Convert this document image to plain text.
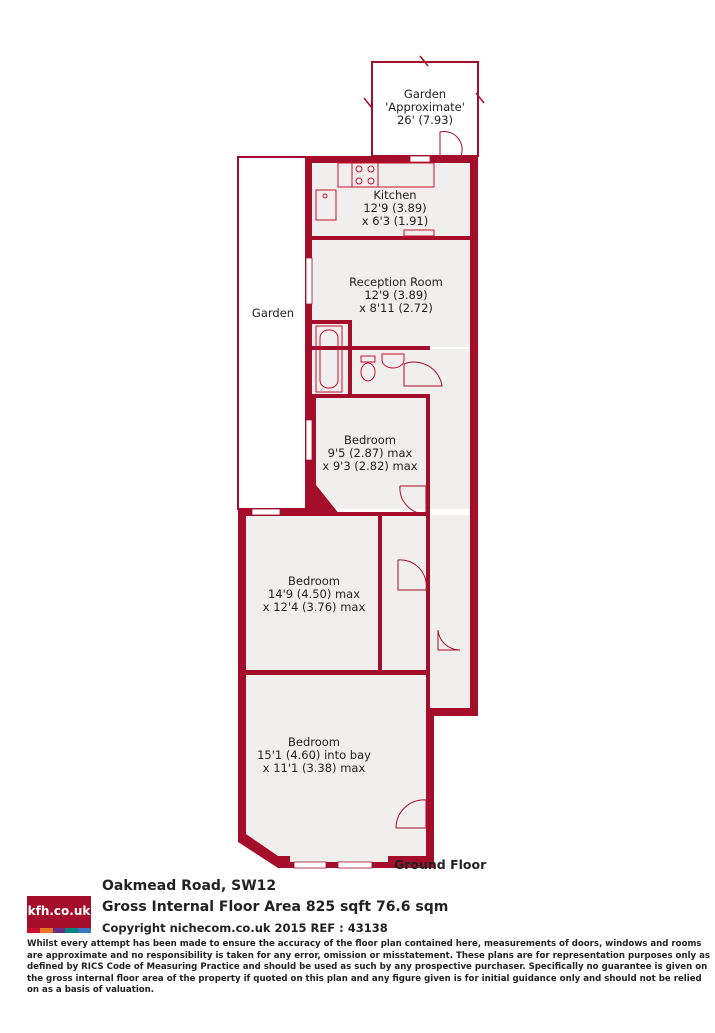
Garden
'Approximate'
26' (7.93)
Kitchen
12'9 (3.89)
x 6'3 (1.91)
Reception Room
12'9 (3.89)
x 8'11 (2.72)
Garden
Bedroom
9'5 (2.87) max
x 9'3 (2.82) max
Bedroom
14'9 (4.50) max
x 12'4 (3.76) max
Bedroom
15'1 (4.60) into bay
x 11'1 (3.38) max
Ground Floor
kfh.co.uk
Oakmead Road, SW12
Gross Internal Floor Area 825 sqft 76.6 sqm
Copyright nichecom.co.uk 2015 REF : 43138
Whilst every attempt has been made to ensure the accuracy of the floor plan contained here, measurements of doors, windows and rooms are approximate and no responsibility is taken for any error, omission or misstatement. These plans are for representation purposes only as defined by RICS Code of Measuring Practice and should be used as such by any prospective purchaser. Specifically no guarantee is given on the gross internal floor area of the property if quoted on this plan and any figure given is for initial guidance only and should not be relied on as a basis of valuation.
